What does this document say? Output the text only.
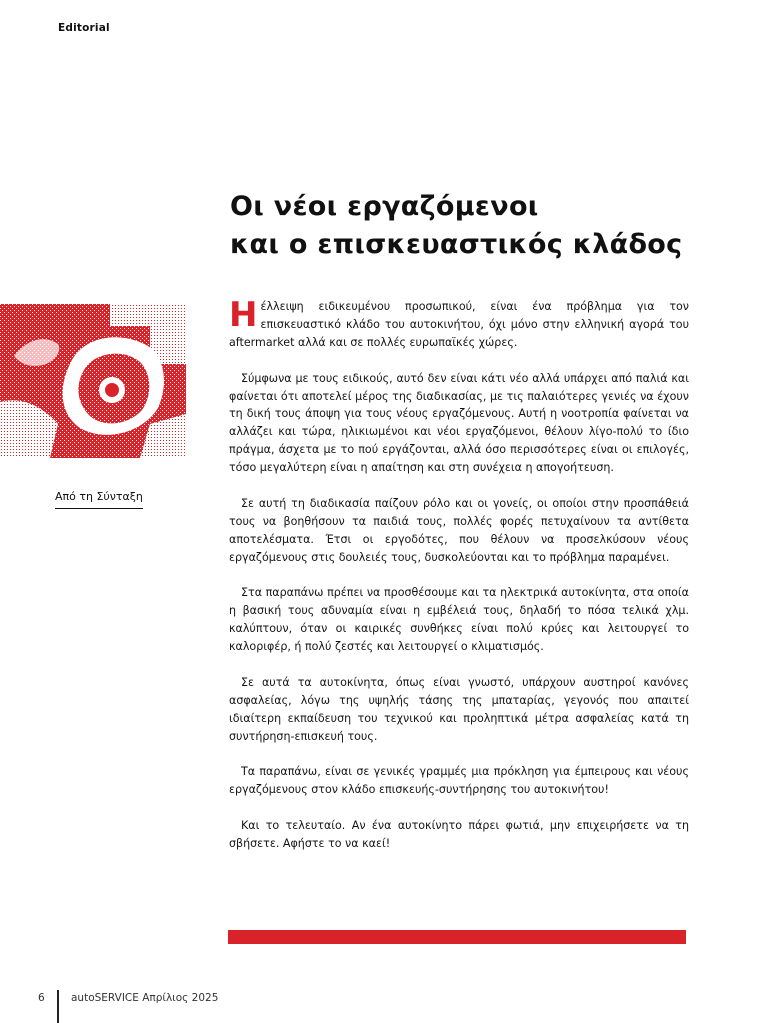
Editorial
Οι νέοι εργαζόμενοι
και ο επισκευαστικός κλάδος
Από τη Σύνταξη

Ηέλλειψη ειδικευμένου προσωπικού, είναι ένα πρόβλημα για τον επισκευαστικό κλάδο του αυτοκινήτου, όχι μόνο στην ελληνική αγορά του aftermarket αλλά και σε πολλές ευρωπαϊκές χώρες.

Σύμφωνα με τους ειδικούς, αυτό δεν είναι κάτι νέο αλλά υπάρχει από παλιά και φαίνεται ότι αποτελεί μέρος της διαδικασίας, με τις παλαιότερες γενιές να έχουν τη δική τους άποψη για τους νέους εργαζόμενους. Αυτή η νοοτροπία φαίνεται να αλλάζει και τώρα, ηλικιωμένοι και νέοι εργαζόμενοι, θέλουν λίγο-πολύ το ίδιο πράγμα, άσχετα με το πού εργάζονται, αλλά όσο περισσότερες είναι οι επιλογές, τόσο μεγαλύτερη είναι η απαίτηση και στη συνέχεια η απογοήτευση.

Σε αυτή τη διαδικασία παίζουν ρόλο και οι γονείς, οι οποίοι στην προσπάθειά τους να βοηθήσουν τα παιδιά τους, πολλές φορές πετυχαίνουν τα αντίθετα αποτελέσματα. Έτσι οι εργοδότες, που θέλουν να προσελκύσουν νέους εργαζόμενους στις δουλειές τους, δυσκολεύονται και το πρόβλημα παραμένει.

Στα παραπάνω πρέπει να προσθέσουμε και τα ηλεκτρικά αυτοκίνητα, στα οποία η βασική τους αδυναμία είναι η εμβέλειά τους, δηλαδή το πόσα τελικά χλμ. καλύπτουν, όταν οι καιρικές συνθήκες είναι πολύ κρύες και λειτουργεί το καλοριφέρ, ή πολύ ζεστές και λειτουργεί ο κλιματισμός.

Σε αυτά τα αυτοκίνητα, όπως είναι γνωστό, υπάρχουν αυστηροί κανόνες ασφαλείας, λόγω της υψηλής τάσης της μπαταρίας, γεγονός που απαιτεί ιδιαίτερη εκπαίδευση του τεχνικού και προληπτικά μέτρα ασφαλείας κατά τη συντήρηση-επισκευή τους.

Τα παραπάνω, είναι σε γενικές γραμμές μια πρόκληση για έμπειρους και νέους εργαζόμενους στον κλάδο επισκευής-συντήρησης του αυτοκινήτου!

Και το τελευταίο. Αν ένα αυτοκίνητο πάρει φωτιά, μην επιχειρήσετε να τη σβήσετε. Αφήστε το να καεί!

6	autoSERVICE Απρίλιος 2025
